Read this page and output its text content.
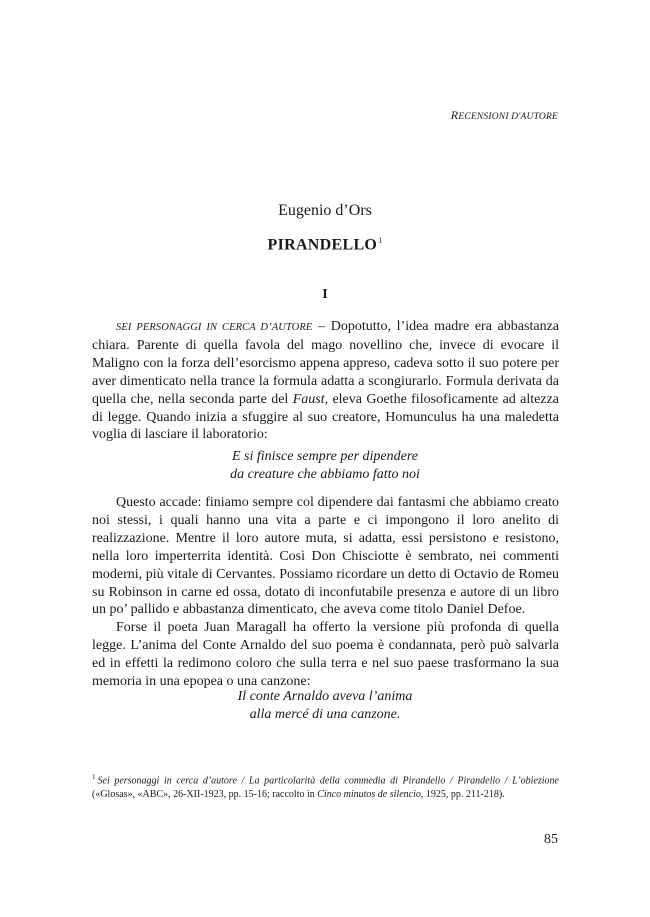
RECENSIONI D'AUTORE
Eugenio d’Ors
PIRANDELLO$^1$
I

SEI PERSONAGGI IN CERCA D’AUTORE – Dopotutto, l’idea madre era abbastanza chiara. Parente di quella favola del mago novellino che, invece di evocare il Maligno con la forza dell’esorcismo appena appreso, cadeva sotto il suo potere per aver dimenticato nella trance la formula adatta a scongiurarlo. Formula derivata da quella che, nella seconda parte del Faust, eleva Goethe filosoficamente ad altezza di legge. Quando inizia a sfuggire al suo creatore, Homunculus ha una maledetta voglia di lasciare il laboratorio:

E si finisce sempre per dipendere
da creature che abbiamo fatto noi

Questo accade: finiamo sempre col dipendere dai fantasmi che abbiamo creato noi stessi, i quali hanno una vita a parte e ci impongono il loro anelito di realizzazione. Mentre il loro autore muta, si adatta, essi persistono e resistono, nella loro imperterrita identità. Così Don Chisciotte è sembrato, nei commenti moderni, più vitale di Cervantes. Possiamo ricordare un detto di Octavio de Romeu su Robinson in carne ed ossa, dotato di inconfutabile presenza e autore di un libro un po’ pallido e abbastanza dimenticato, che aveva come titolo Daniel Defoe.

Forse il poeta Juan Maragall ha offerto la versione più profonda di quella legge. L’anima del Conte Arnaldo del suo poema è condannata, però può salvarla ed in effetti la redimono coloro che sulla terra e nel suo paese trasformano la sua memoria in una epopea o una canzone:

Il conte Arnaldo aveva l’anima
alla mercé di una canzone.
$^1$ Sei personaggi in cerca d’autore / La particolarità della commedia di Pirandello / Pirandello / L’obiezione («Glosas», «ABC», 26-XII-1923, pp. 15-16; raccolto in Cinco minutos de silencio, 1925, pp. 211-218).
85
